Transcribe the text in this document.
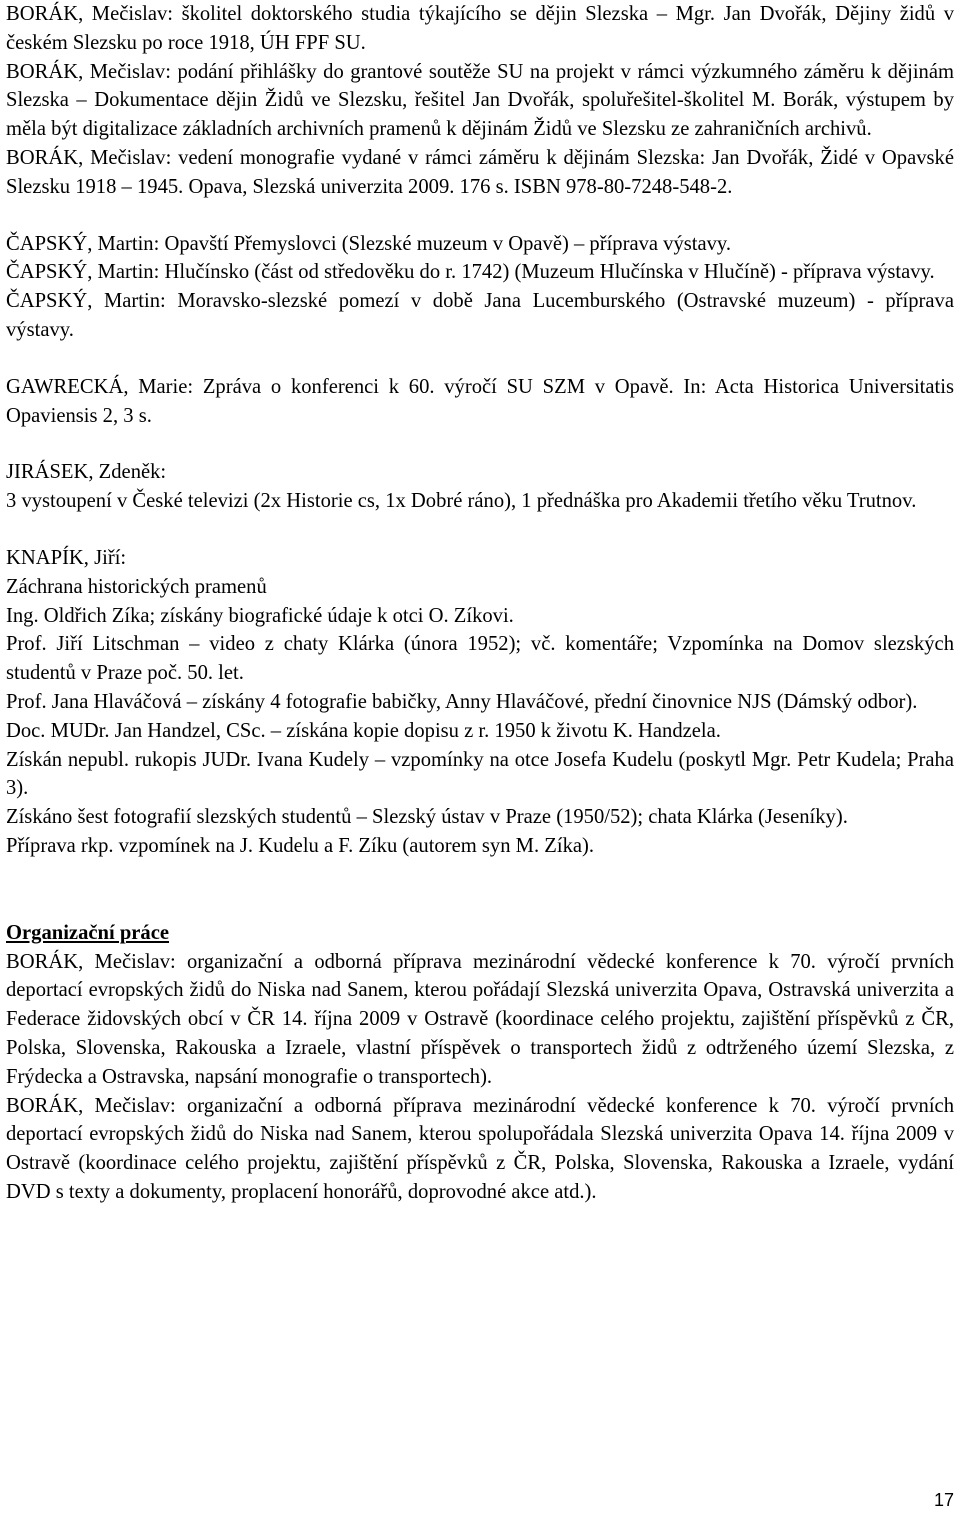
BORÁK, Mečislav: školitel doktorského studia týkajícího se dějin Slezska – Mgr. Jan Dvořák, Dějiny židů v českém Slezsku po roce 1918, ÚH FPF SU.

BORÁK, Mečislav: podání přihlášky do grantové soutěže SU na projekt v rámci výzkumného záměru k dějinám Slezska – Dokumentace dějin Židů ve Slezsku, řešitel Jan Dvořák, spoluřešitel-školitel M. Borák, výstupem by měla být digitalizace základních archivních pramenů k dějinám Židů ve Slezsku ze zahraničních archivů.

BORÁK, Mečislav: vedení monografie vydané v rámci záměru k dějinám Slezska: Jan Dvořák, Židé v Opavské Slezsku 1918 – 1945. Opava, Slezská univerzita 2009. 176 s. ISBN 978-80-7248-548-2.

ČAPSKÝ, Martin: Opavští Přemyslovci (Slezské muzeum v Opavě) – příprava výstavy.

ČAPSKÝ, Martin: Hlučínsko (část od středověku do r. 1742) (Muzeum Hlučínska v Hlučíně) - příprava výstavy.

ČAPSKÝ, Martin: Moravsko-slezské pomezí v době Jana Lucemburského (Ostravské muzeum) - příprava výstavy.

GAWRECKÁ, Marie: Zpráva o konferenci k 60. výročí SU SZM v Opavě. In: Acta Historica Universitatis Opaviensis 2, 3 s.

JIRÁSEK, Zdeněk:

3 vystoupení v České televizi (2x Historie cs, 1x Dobré ráno), 1 přednáška pro Akademii třetího věku Trutnov.

KNAPÍK, Jiří:

Záchrana historických pramenů

Ing. Oldřich Zíka; získány biografické údaje k otci O. Zíkovi.

Prof. Jiří Litschman – video z chaty Klárka (února 1952); vč. komentáře; Vzpomínka na Domov slezských studentů v Praze poč. 50. let.

Prof. Jana Hlaváčová – získány 4 fotografie babičky, Anny Hlaváčové, přední činovnice NJS (Dámský odbor).

Doc. MUDr. Jan Handzel, CSc. – získána kopie dopisu z r. 1950 k životu K. Handzela.

Získán nepubl. rukopis JUDr. Ivana Kudely – vzpomínky na otce Josefa Kudelu (poskytl Mgr. Petr Kudela; Praha 3).

Získáno šest fotografií slezských studentů – Slezský ústav v Praze (1950/52); chata Klárka (Jeseníky).

Příprava rkp. vzpomínek na J. Kudelu a F. Zíku (autorem syn M. Zíka).

Organizační práce

BORÁK, Mečislav: organizační a odborná příprava mezinárodní vědecké konference k 70. výročí prvních deportací evropských židů do Niska nad Sanem, kterou pořádají Slezská univerzita Opava, Ostravská univerzita a Federace židovských obcí v ČR 14. října 2009 v Ostravě (koordinace celého projektu, zajištění příspěvků z ČR, Polska, Slovenska, Rakouska a Izraele, vlastní příspěvek o transportech židů z odtrženého území Slezska, z Frýdecka a Ostravska, napsání monografie o transportech).

BORÁK, Mečislav: organizační a odborná příprava mezinárodní vědecké konference k 70. výročí prvních deportací evropských židů do Niska nad Sanem, kterou spolupořádala Slezská univerzita Opava 14. října 2009 v Ostravě (koordinace celého projektu, zajištění příspěvků z ČR, Polska, Slovenska, Rakouska a Izraele, vydání DVD s texty a dokumenty, proplacení honorářů, doprovodné akce atd.).

17
